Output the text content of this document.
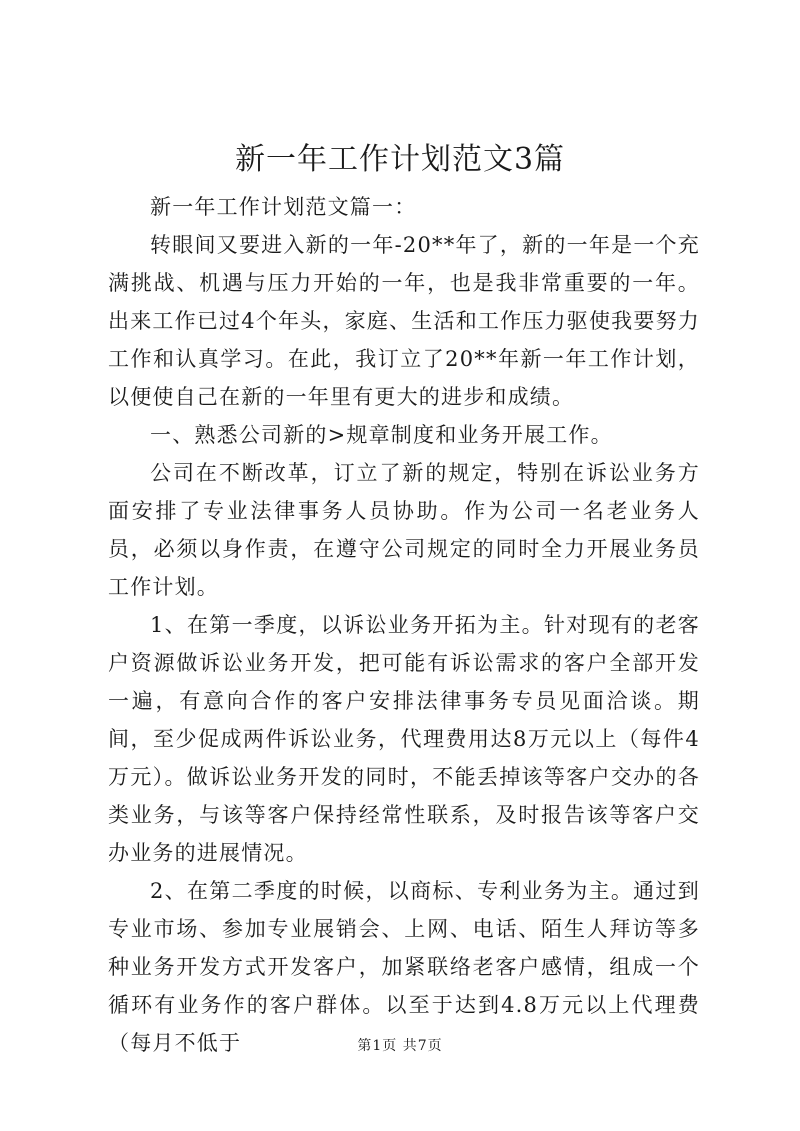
新一年工作计划范文3篇

新一年工作计划范文篇一：

转眼间又要进入新的一年-20**年了，新的一年是一个充满挑战、机遇与压力开始的一年，也是我非常重要的一年。出来工作已过4个年头，家庭、生活和工作压力驱使我要努力工作和认真学习。在此，我订立了20**年新一年工作计划，以便使自己在新的一年里有更大的进步和成绩。

一、熟悉公司新的>规章制度和业务开展工作。

公司在不断改革，订立了新的规定，特别在诉讼业务方面安排了专业法律事务人员协助。作为公司一名老业务人员，必须以身作责，在遵守公司规定的同时全力开展业务员工作计划。

1、在第一季度，以诉讼业务开拓为主。针对现有的老客户资源做诉讼业务开发，把可能有诉讼需求的客户全部开发一遍，有意向合作的客户安排法律事务专员见面洽谈。期间，至少促成两件诉讼业务，代理费用达8万元以上（每件4万元）。做诉讼业务开发的同时，不能丢掉该等客户交办的各类业务，与该等客户保持经常性联系，及时报告该等客户交办业务的进展情况。

2、在第二季度的时候，以商标、专利业务为主。通过到专业市场、参加专业展销会、上网、电话、陌生人拜访等多种业务开发方式开发客户，加紧联络老客户感情，组成一个循环有业务作的客户群体。以至于达到4.8万元以上代理费（每月不低于	第1页 共7页
